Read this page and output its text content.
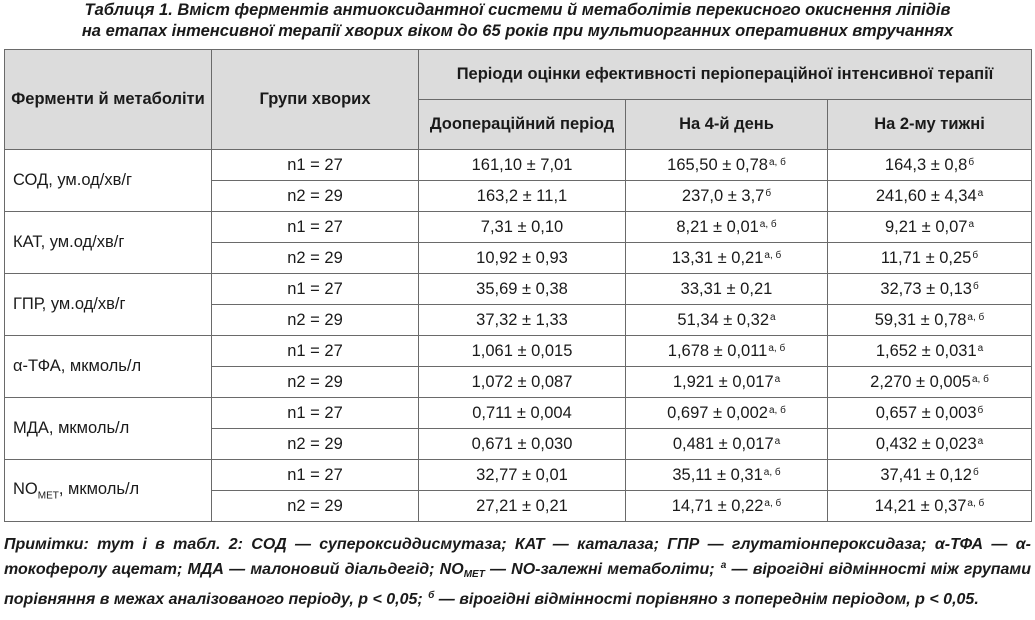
Таблиця 1. Вміст ферментів антиоксидантної системи й метаболітів перекисного окиснення ліпідів
на етапах інтенсивної терапії хворих віком до 65 років при мультиорганних оперативних втручаннях
Ферменти й метаболіти	Групи хворих	Періоди оцінки ефективності періопераційної інтенсивної терапії		
		Доопераційний період	На 4-й день	На 2-му тижні
СОД, ум.од/хв/г	n1 = 27	161,10 ± 7,01	$165,50 \pm 0,78^{а, б}$	$164,3 \pm 0,8^б$
	n2 = 29	163,2 ± 11,1	$237,0 \pm 3,7^б$	$241,60 \pm 4,34^а$
КАТ, ум.од/хв/г	n1 = 27	7,31 ± 0,10	$8,21 \pm 0,01^{а, б}$	$9,21 \pm 0,07^а$
	n2 = 29	10,92 ± 0,93	$13,31 \pm 0,21^{а, б}$	$11,71 \pm 0,25^б$
ГПР, ум.од/хв/г	n1 = 27	35,69 ± 0,38	33,31 ± 0,21	$32,73 \pm 0,13^б$
	n2 = 29	37,32 ± 1,33	$51,34 \pm 0,32^а$	$59,31 \pm 0,78^{а, б}$
α-ТФА, мкмоль/л	n1 = 27	1,061 ± 0,015	$1,678 \pm 0,011^{а, б}$	$1,652 \pm 0,031^а$
	n2 = 29	1,072 ± 0,087	$1,921 \pm 0,017^а$	$2,270 \pm 0,005^{а, б}$
МДА, мкмоль/л	n1 = 27	0,711 ± 0,004	$0,697 \pm 0,002^{а, б}$	$0,657 \pm 0,003^б$
	n2 = 29	0,671 ± 0,030	$0,481 \pm 0,017^а$	$0,432 \pm 0,023^а$
$NO_{МЕТ}$, мкмоль/л	n1 = 27	32,77 ± 0,01	$35,11 \pm 0,31^{а, б}$	$37,41 \pm 0,12^б$
	n2 = 29	27,21 ± 0,21	$14,71 \pm 0,22^{а, б}$	$14,21 \pm 0,37^{а, б}$
Примітки: тут і в табл. 2: СОД — супероксиддисмутаза; КАТ — каталаза; ГПР — глутатіонпероксидаза; α-ТФА — α-токоферолу ацетат; МДА — малоновий діальдегід; $NO_{МЕТ}$ — NO-залежні метаболіти; $^а$ — вірогідні відмінності між групами порівняння в межах аналізованого періоду, р < 0,05; $^б$ — вірогідні відмінності порівняно з попереднім періодом, р < 0,05.
